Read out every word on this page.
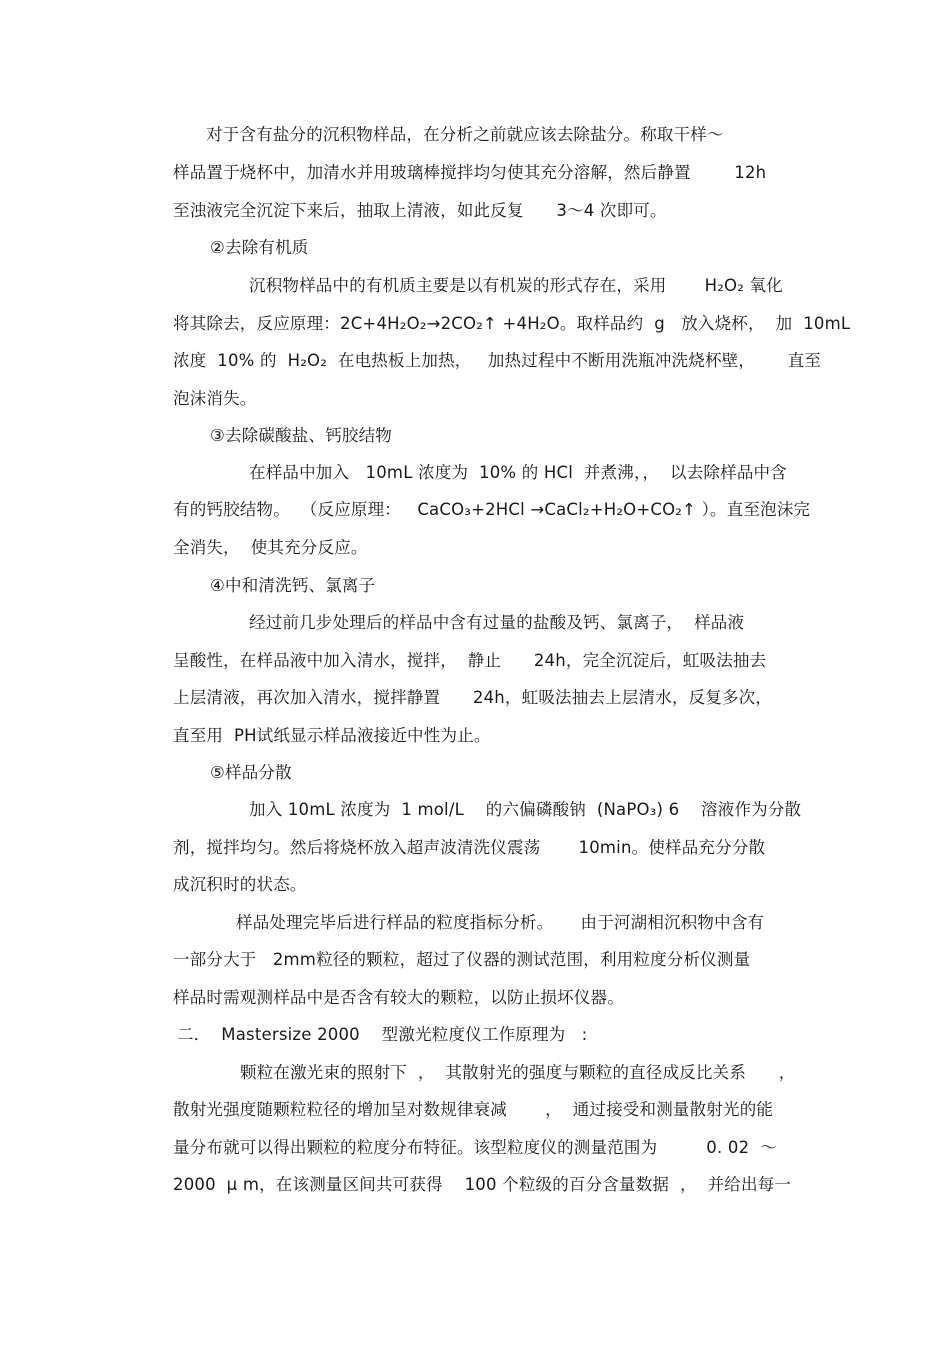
对于含有盐分的沉积物样品，在分析之前就应该去除盐分。称取干样～
样品置于烧杯中，加清水并用玻璃棒搅拌均匀使其充分溶解，然后静置        12h
至浊液完全沉淀下来后，抽取上清液，如此反复      3～4 次即可。
②去除有机质
沉积物样品中的有机质主要是以有机炭的形式存在，采用       H₂O₂ 氧化
将其除去，反应原理：2C+4H₂O₂→2CO₂↑ +4H₂O。取样品约  g   放入烧杯，  加  10mL
浓度  10% 的  H₂O₂  在电热板上加热，   加热过程中不断用洗瓶冲洗烧杯壁，      直至
泡沫消失。
③去除碳酸盐、钙胶结物
在样品中加入   10mL 浓度为  10% 的 HCl  并煮沸，，  以去除样品中含
有的钙胶结物。  （反应原理：   CaCO₃+2HCl →CaCl₂+H₂O+CO₂↑ ）。直至泡沫完
全消失，  使其充分反应。
④中和清洗钙、氯离子
经过前几步处理后的样品中含有过量的盐酸及钙、氯离子，  样品液
呈酸性，在样品液中加入清水，搅拌，  静止      24h，完全沉淀后，虹吸法抽去
上层清液，再次加入清水，搅拌静置      24h，虹吸法抽去上层清水，反复多次，
直至用  PH试纸显示样品液接近中性为止。
⑤样品分散
加入 10mL 浓度为  1 mol/L    的六偏磷酸钠  (NaPO₃) 6    溶液作为分散
剂，搅拌均匀。然后将烧杯放入超声波清洗仪震荡       10min。使样品充分分散
成沉积时的状态。
样品处理完毕后进行样品的粒度指标分析。     由于河湖相沉积物中含有
一部分大于   2mm粒径的颗粒，超过了仪器的测试范围，利用粒度分析仪测量
样品时需观测样品中是否含有较大的颗粒，以防止损坏仪器。
二．  Mastersize 2000    型激光粒度仪工作原理为   :
颗粒在激光束的照射下  ，  其散射光的强度与颗粒的直径成反比关系      ，
散射光强度随颗粒粒径的增加呈对数规律衰减       ，  通过接受和测量散射光的能
量分布就可以得出颗粒的粒度分布特征。该型粒度仪的测量范围为         0. 02  ～
2000  μ m，在该测量区间共可获得    100 个粒级的百分含量数据  ，  并给出每一
